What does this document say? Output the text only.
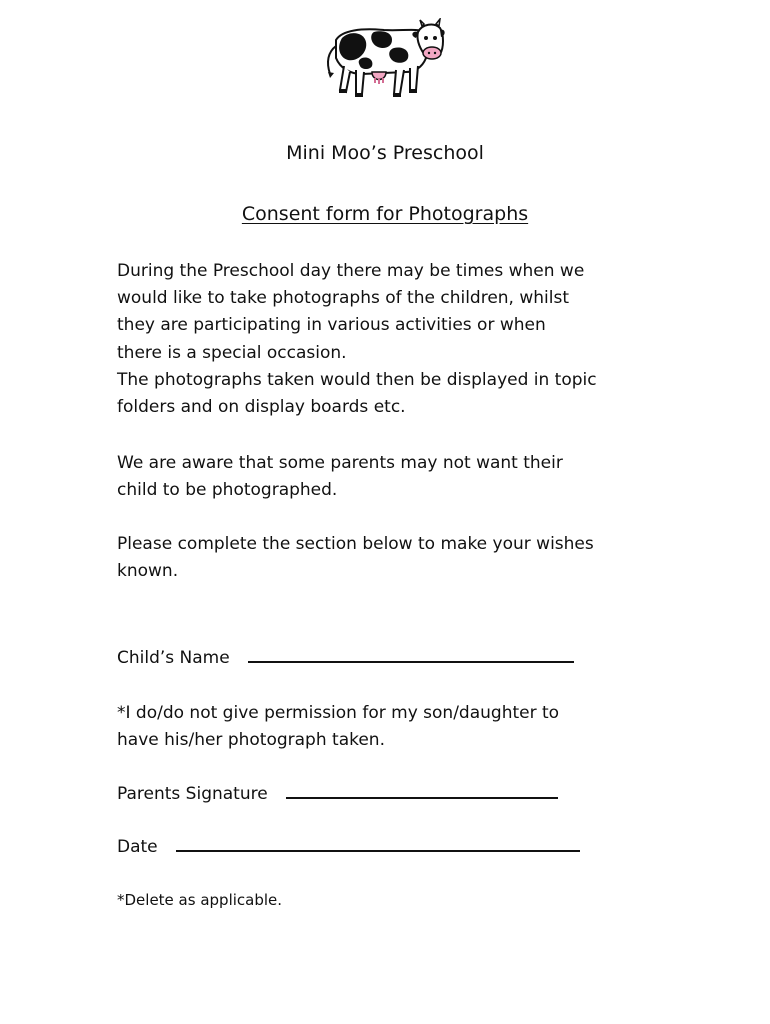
Mini Moo’s Preschool
Consent form for Photographs

During the Preschool day there may be times when we
would like to take photographs of the children, whilst
they are participating in various activities or when
there is a special occasion.
The photographs taken would then be displayed in topic
folders and on display boards etc.

We are aware that some parents may not want their
child to be photographed.

Please complete the section below to make your wishes
known.

Child’s Name

*I do/do not give permission for my son/daughter to
have his/her photograph taken.

Parents Signature
Date

*Delete as applicable.
